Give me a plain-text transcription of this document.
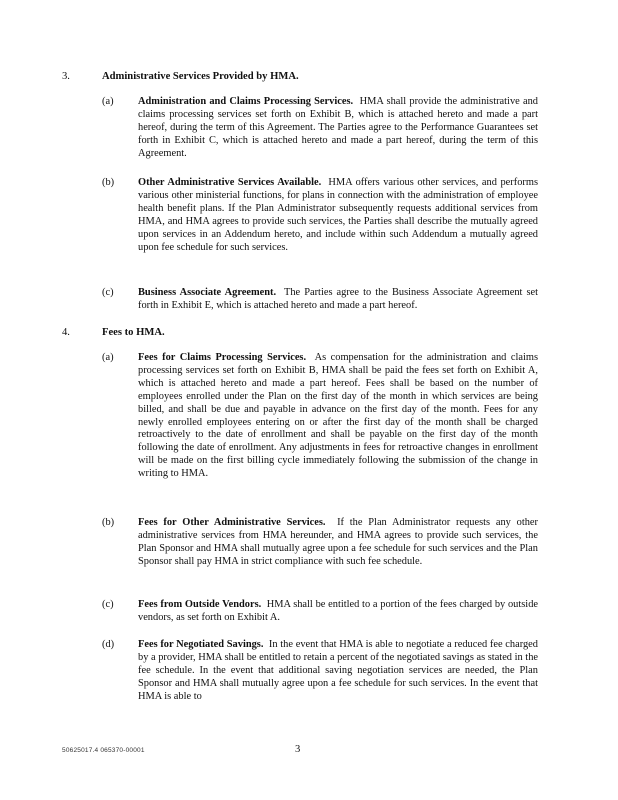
3.	Administrative Services Provided by HMA.
(a) Administration and Claims Processing Services. HMA shall provide the administrative and claims processing services set forth on Exhibit B, which is attached hereto and made a part hereof, during the term of this Agreement. The Parties agree to the Performance Guarantees set forth in Exhibit C, which is attached hereto and made a part hereof, during the term of this Agreement.
(b) Other Administrative Services Available. HMA offers various other services, and performs various other ministerial functions, for plans in connection with the administration of employee health benefit plans. If the Plan Administrator subsequently requests additional services from HMA, and HMA agrees to provide such services, the Parties shall describe the mutually agreed upon services in an Addendum hereto, and include within such Addendum a mutually agreed upon fee schedule for such services.
(c) Business Associate Agreement. The Parties agree to the Business Associate Agreement set forth in Exhibit E, which is attached hereto and made a part hereof.
4.	Fees to HMA.
(a) Fees for Claims Processing Services. As compensation for the administration and claims processing services set forth on Exhibit B, HMA shall be paid the fees set forth on Exhibit A, which is attached hereto and made a part hereof. Fees shall be based on the number of employees enrolled under the Plan on the first day of the month in which services are being billed, and shall be due and payable in advance on the first day of the month. Fees for any newly enrolled employees entering on or after the first day of the month shall be charged retroactively to the date of enrollment and shall be payable on the first day of the month following the date of enrollment. Any adjustments in fees for retroactive changes in enrollment will be made on the first billing cycle immediately following the submission of the change in writing to HMA.
(b) Fees for Other Administrative Services. If the Plan Administrator requests any other administrative services from HMA hereunder, and HMA agrees to provide such services, the Plan Sponsor and HMA shall mutually agree upon a fee schedule for such services and the Plan Sponsor shall pay HMA in strict compliance with such fee schedule.
(c) Fees from Outside Vendors. HMA shall be entitled to a portion of the fees charged by outside vendors, as set forth on Exhibit A.
(d) Fees for Negotiated Savings. In the event that HMA is able to negotiate a reduced fee charged by a provider, HMA shall be entitled to retain a percent of the negotiated savings as stated in the fee schedule. In the event that additional saving negotiation services are needed, the Plan Sponsor and HMA shall mutually agree upon a fee schedule for such services. In the event that HMA is able to
50625017.4 065370-00001	3
